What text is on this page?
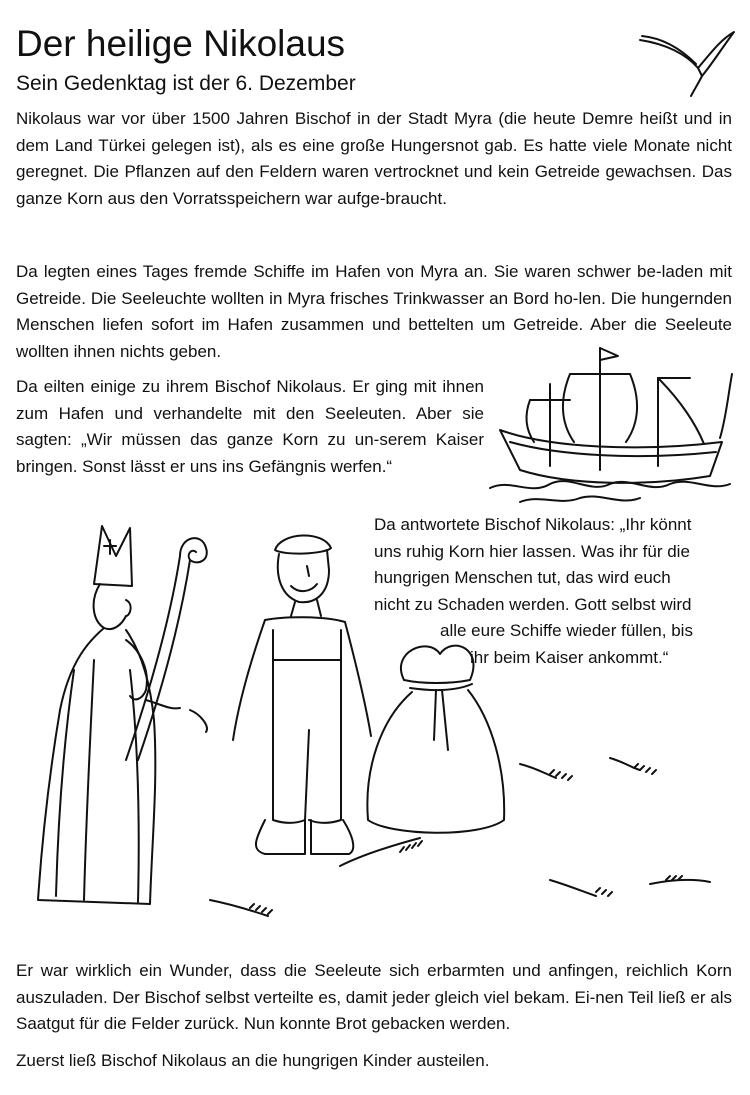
Der heilige Nikolaus
Sein Gedenktag ist der 6. Dezember
Nikolaus war vor über 1500 Jahren Bischof in der Stadt Myra (die heute Demre heißt und in dem Land Türkei gelegen ist), als es eine große Hungersnot gab. Es hatte viele Monate nicht geregnet. Die Pflanzen auf den Feldern waren vertrocknet und kein Getreide gewachsen. Das ganze Korn aus den Vorratsspeichern war aufge-braucht.
Da legten eines Tages fremde Schiffe im Hafen von Myra an. Sie waren schwer be-laden mit Getreide. Die Seeleuchte wollten in Myra frisches Trinkwasser an Bord ho-len. Die hungernden Menschen liefen sofort im Hafen zusammen und bettelten um Getreide. Aber die Seeleute wollten ihnen nichts geben.
Da eilten einige zu ihrem Bischof Nikolaus. Er ging mit ihnen zum Hafen und verhandelte mit den Seeleuten. Aber sie sagten: „Wir müssen das ganze Korn zu un-serem Kaiser bringen. Sonst lässt er uns ins Gefängnis werfen.“
Da antwortete Bischof Nikolaus: „Ihr könnt
uns ruhig Korn hier lassen. Was ihr für die
hungrigen Menschen tut, das wird euch
nicht zu Schaden werden. Gott selbst wird
alle eure Schiffe wieder füllen, bis
ihr beim Kaiser ankommt.“
Er war wirklich ein Wunder, dass die Seeleute sich erbarmten und anfingen, reichlich Korn auszuladen. Der Bischof selbst verteilte es, damit jeder gleich viel bekam. Ei-nen Teil ließ er als Saatgut für die Felder zurück. Nun konnte Brot gebacken werden.
Zuerst ließ Bischof Nikolaus an die hungrigen Kinder austeilen.
